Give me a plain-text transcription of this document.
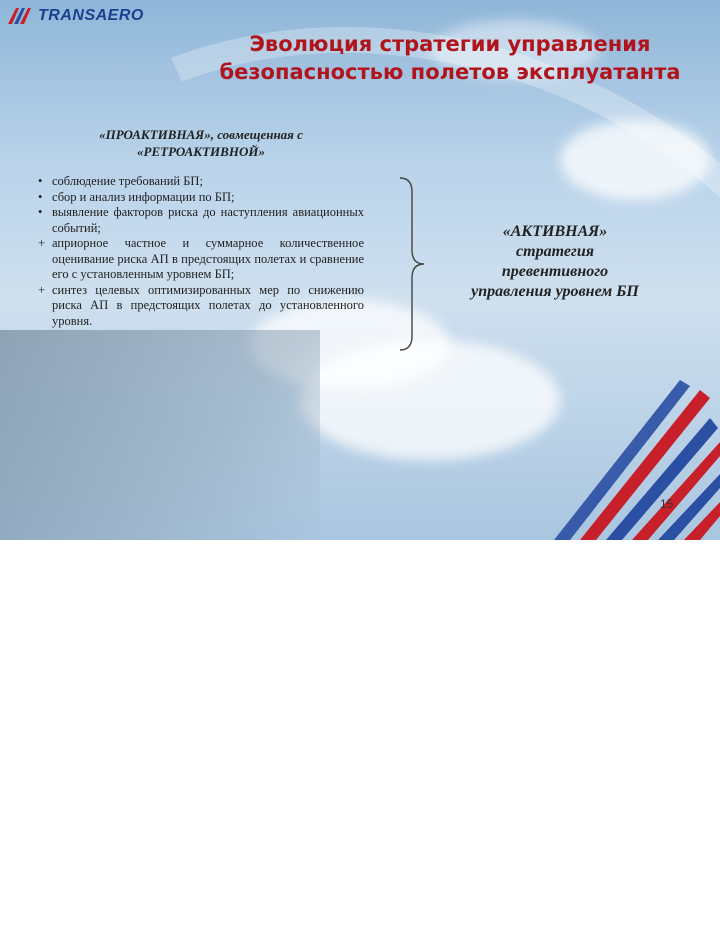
TRANSAERO
Эволюция стратегии управления
безопасностью полетов эксплуатанта
«ПРОАКТИВНАЯ», совмещенная с
«РЕТРОАКТИВНОЙ»
• соблюдение требований БП;
• сбор и анализ информации по БП;
• выявление факторов риска до наступления авиационных событий;
+ априорное частное и суммарное количественное оценивание риска АП в предстоящих полетах и сравнение его с установленным уровнем БП;
+ синтез целевых оптимизированных мер по снижению риска АП в предстоящих полетах до установленного уровня.
«АКТИВНАЯ»
стратегия
превентивного
управления уровнем БП
15
